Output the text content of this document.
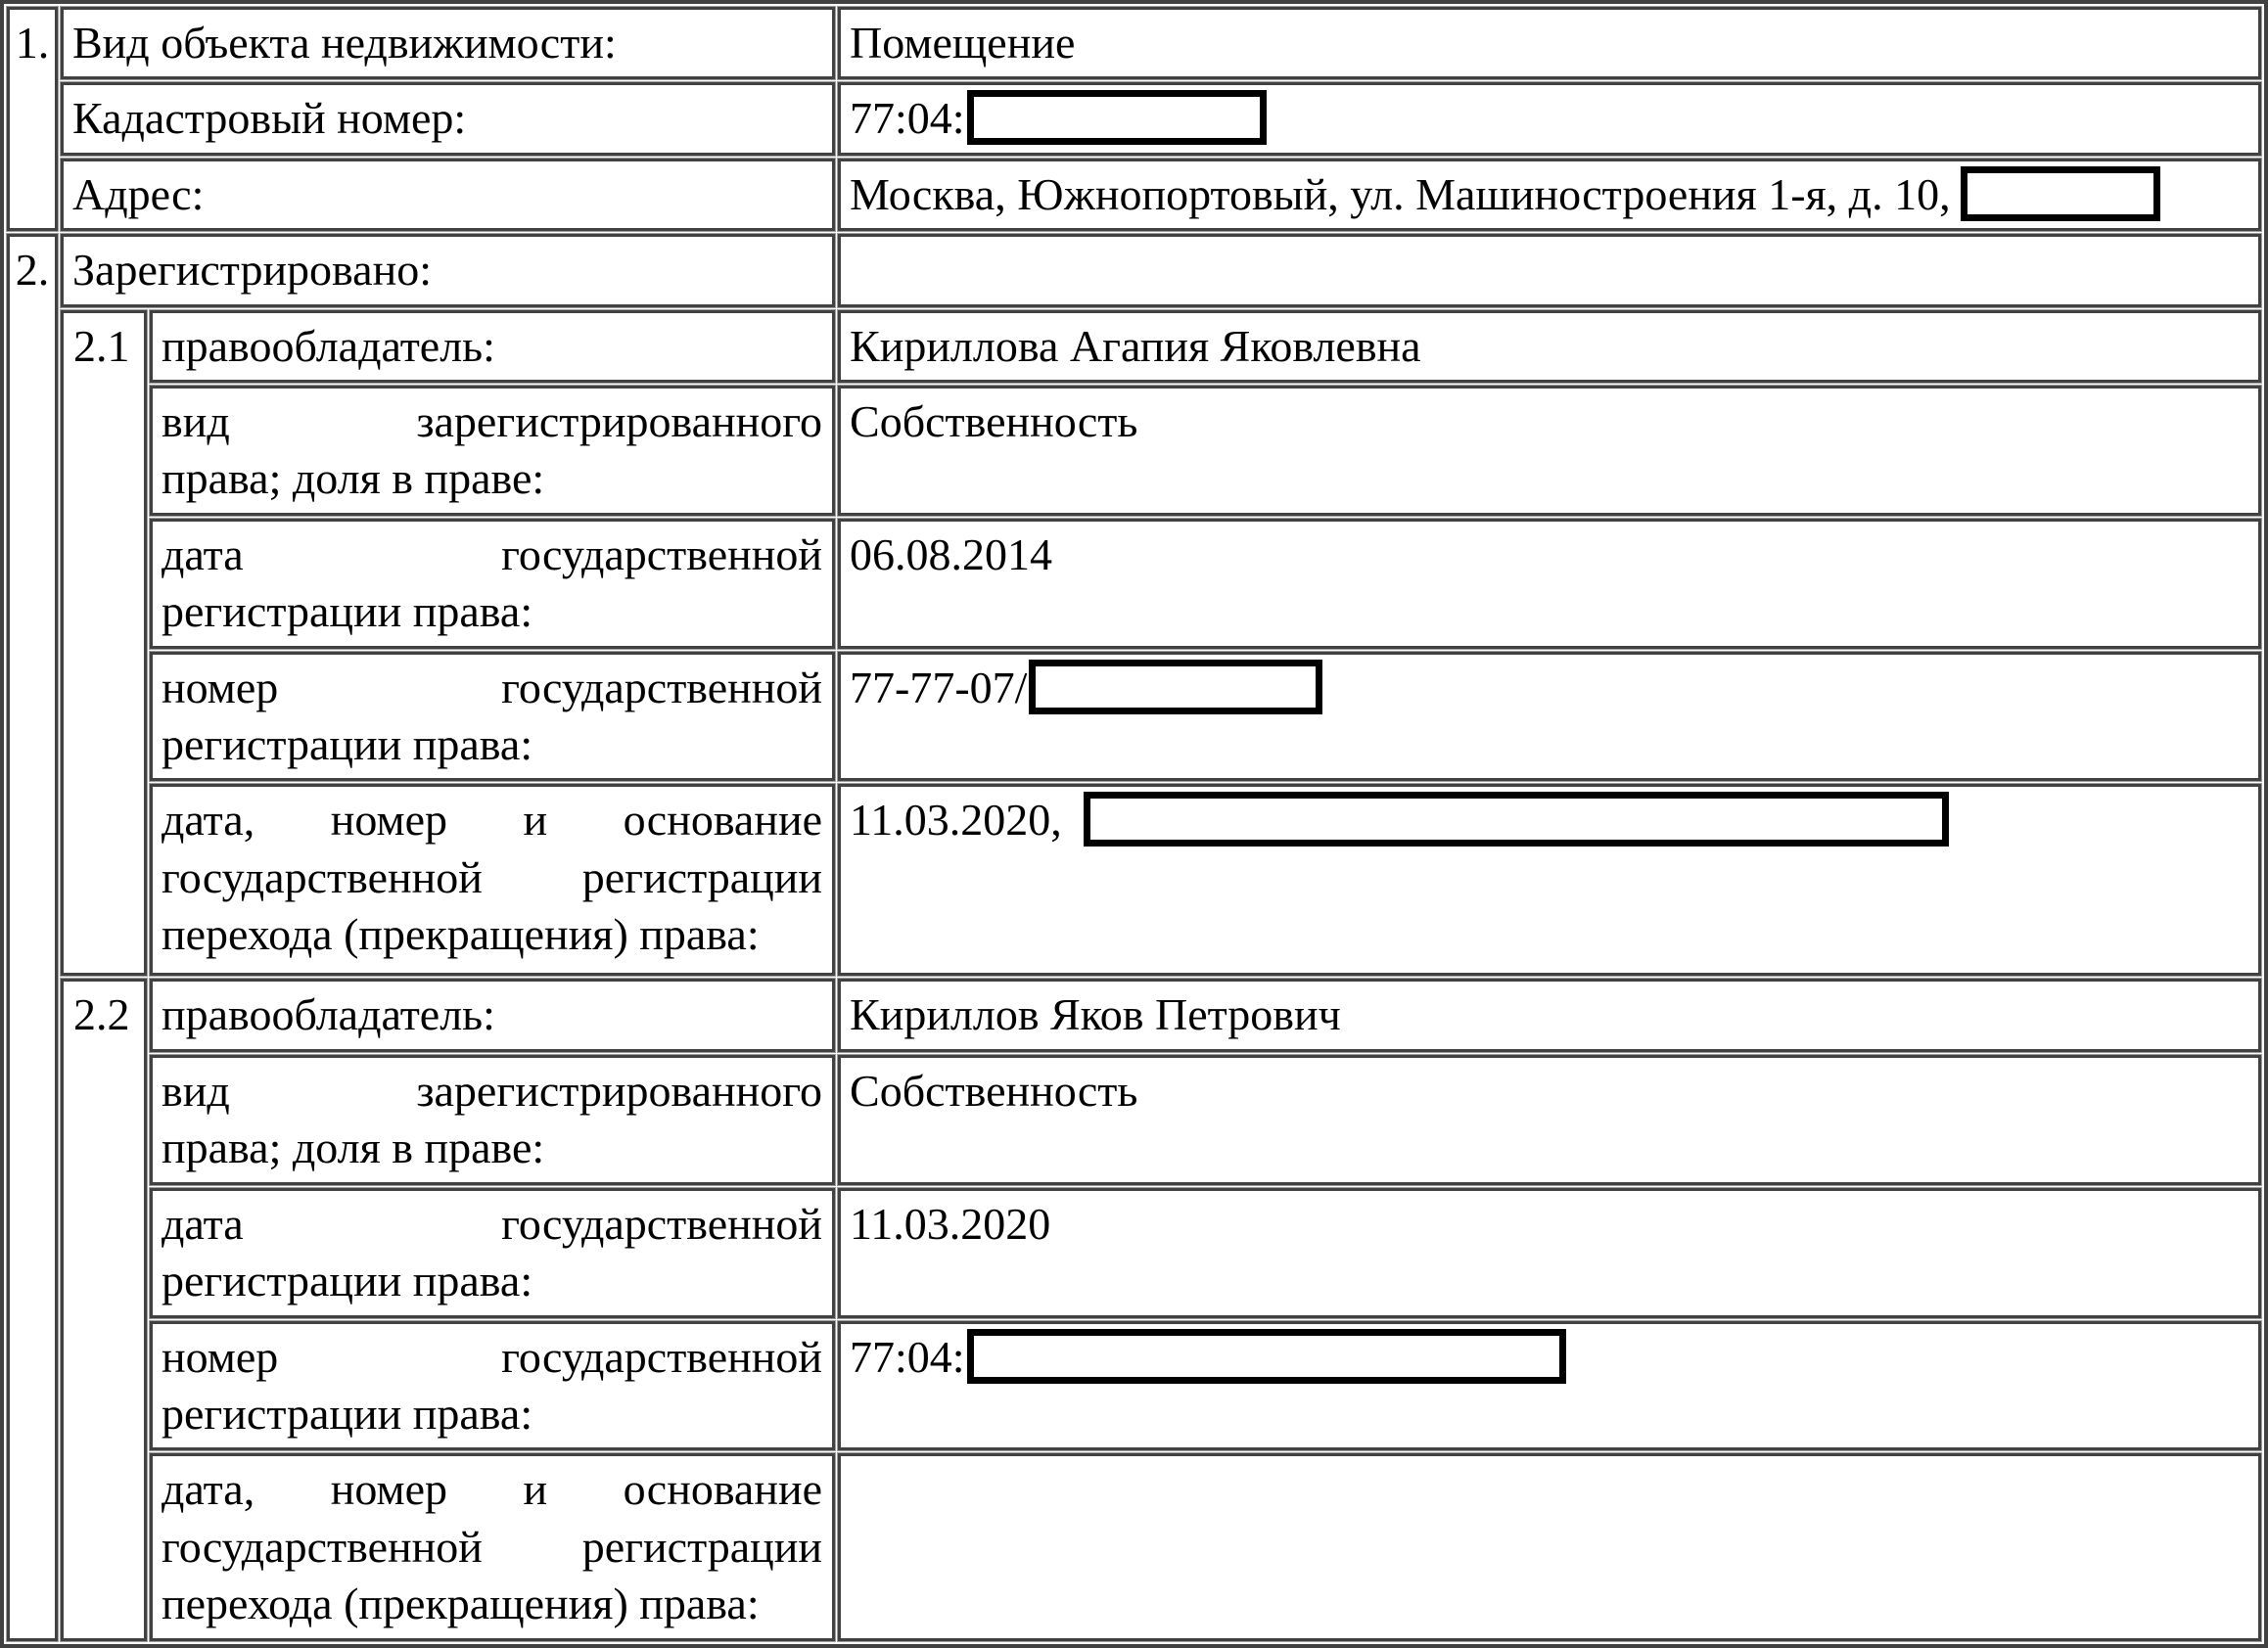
1.	Вид объекта недвижимости:		Помещение

	Кадастровый номер:		77:04:

	Адрес:		Москва, Южнопортовый, ул. Машиностроения 1-я, д. 10,
2.	Зарегистрировано:		

	2.1	правообладатель:	Кириллова Агапия Яковлевна

		вид зарегистрированного
права; доля в праве:	Собственность

		дата государственной
регистрации права:	06.08.2014

		номер государственной
регистрации права:	77-77-07/

		дата, номер и основание
государственной регистрации
перехода (прекращения) права:	11.03.2020,
	2.2	правообладатель:	Кириллов Яков Петрович

		вид зарегистрированного
права; доля в праве:	Собственность

		дата государственной
регистрации права:	11.03.2020

		номер государственной
регистрации права:	77:04:

		дата, номер и основание
государственной регистрации
перехода (прекращения) права:	
